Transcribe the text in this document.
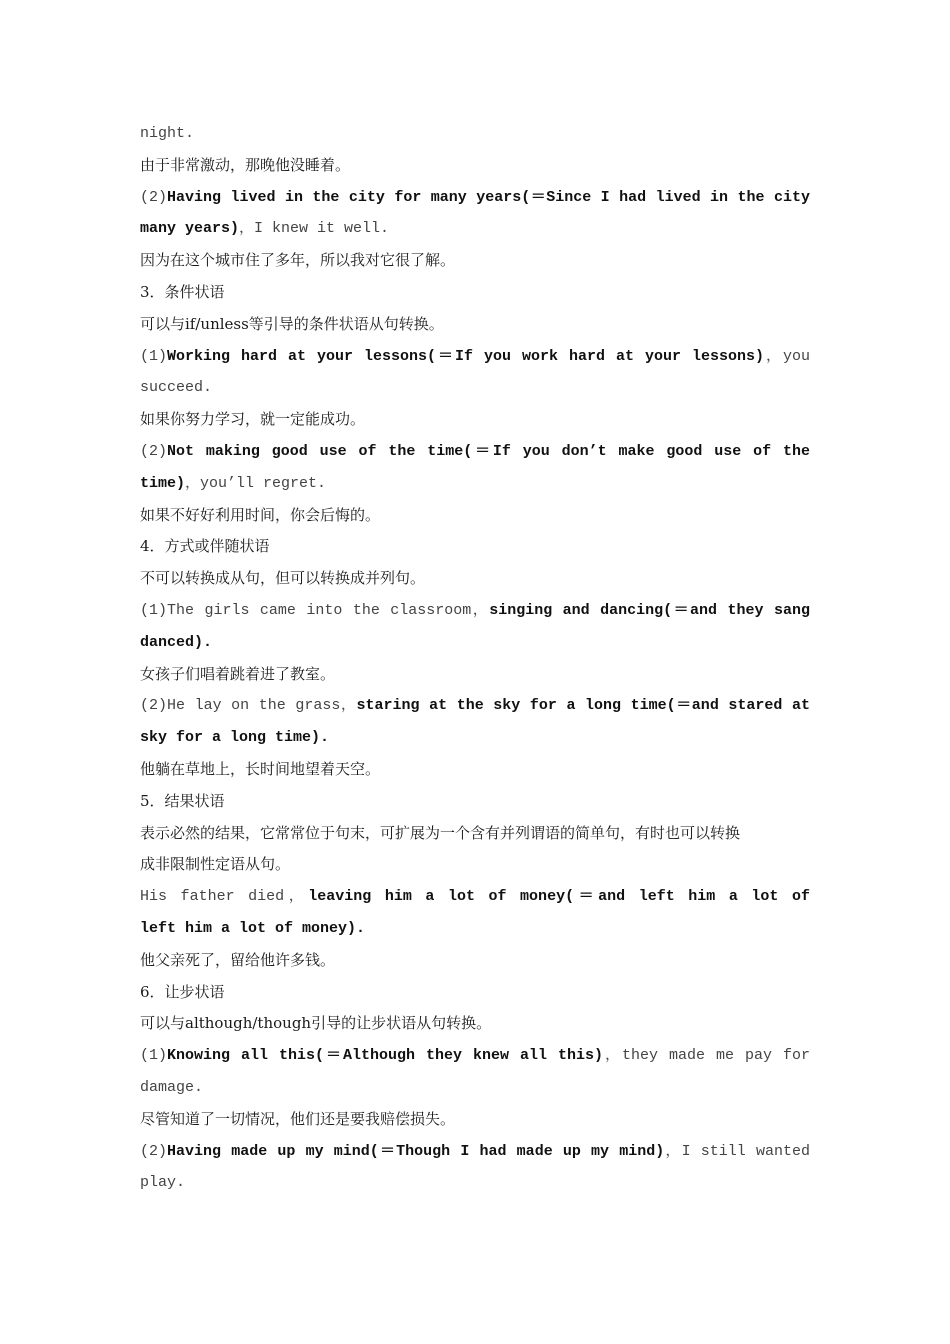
night.
由于非常激动，那晚他没睡着。
(2)Having lived in the city for many years(＝Since I had lived in the city
many years)，I knew it well.
因为在这个城市住了多年，所以我对它很了解。
3．条件状语
可以与if/unless等引导的条件状语从句转换。
(1)Working hard at your lessons(＝If you work hard at your lessons)，you
succeed.
如果你努力学习，就一定能成功。
(2)Not making good use of the time(＝If you don’t make good use of the
time)，you’ll regret.
如果不好好利用时间，你会后悔的。
4．方式或伴随状语
不可以转换成从句，但可以转换成并列句。
(1)The girls came into the classroom，singing and dancing(＝and they sang
danced).
女孩子们唱着跳着进了教室。
(2)He lay on the grass，staring at the sky for a long time(＝and stared at
sky for a long time).
他躺在草地上，长时间地望着天空。
5．结果状语
表示必然的结果，它常常位于句末，可扩展为一个含有并列谓语的简单句，有时也可以转换
成非限制性定语从句。
His father died，leaving him a lot of money(＝and left him a lot of
left him a lot of money).
他父亲死了，留给他许多钱。
6．让步状语
可以与although/though引导的让步状语从句转换。
(1)Knowing all this(＝Although they knew all this)，they made me pay for
damage.
尽管知道了一切情况，他们还是要我赔偿损失。
(2)Having made up my mind(＝Though I had made up my mind)，I still wanted
play.
